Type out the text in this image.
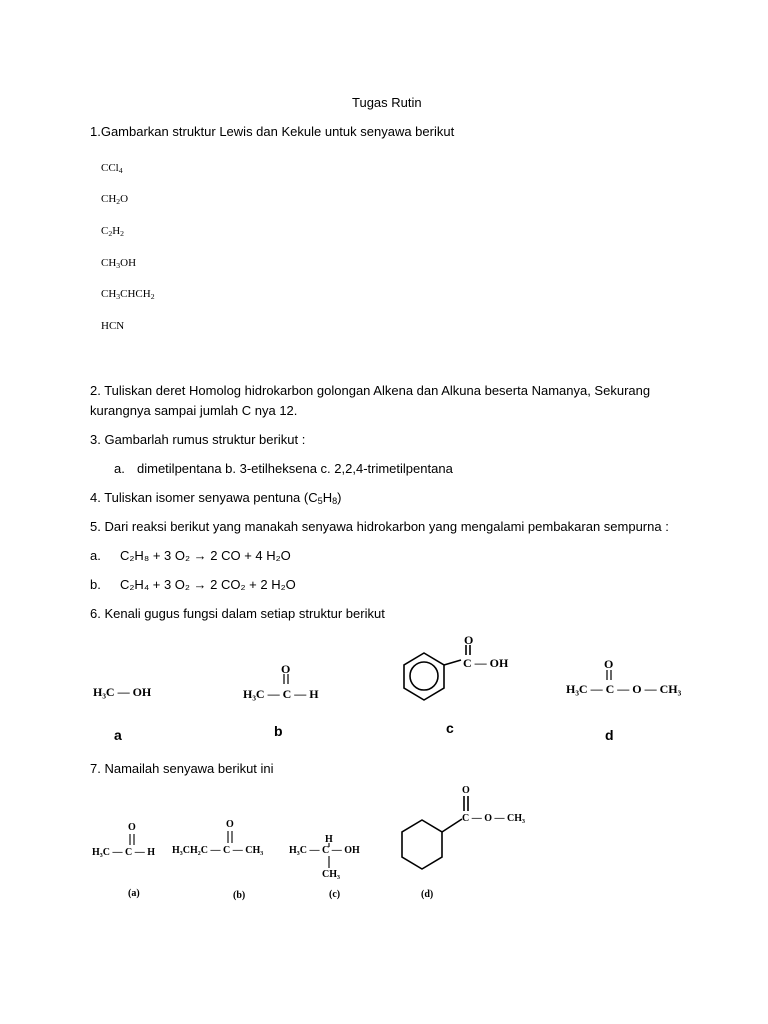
Tugas Rutin
1.Gambarkan struktur Lewis dan Kekule untuk senyawa berikut
CCl$_4$
$CH_2O$
$C_2H_2$
$CH_3OH$
$CH_3CHCH_2$
HCN
2. Tuliskan deret Homolog hidrokarbon golongan Alkena dan Alkuna beserta Namanya, Sekurang
kurangnya sampai jumlah C nya 12.
3. Gambarlah rumus struktur berikut :
a. dimetilpentana b. 3-etilheksena c. 2,2,4-trimetilpentana
4. Tuliskan isomer senyawa pentuna $(C_5H_8)$
5. Dari reaksi berikut yang manakah senyawa hidrokarbon yang mengalami pembakaran sempurna :
a. C₂H₈ + 3 O₂ → 2 CO + 4 H₂O
b. C₂H₄ + 3 O₂ → 2 CO₂ + 2 H₂O
6. Kenali gugus fungsi dalam setiap struktur berikut
H₃C — OH
O
H₃C — C — H
O
C — OH	O
H₃C — C — O — CH₃
a	b	c	d
7. Namailah senyawa berikut ini
O
H₃C — C — H
O
H₃CH₂C — C — CH₃
H
H₃C — C — OH
CH₃
O
C — O — CH₃
(a)	(b)	(c)	(d)
